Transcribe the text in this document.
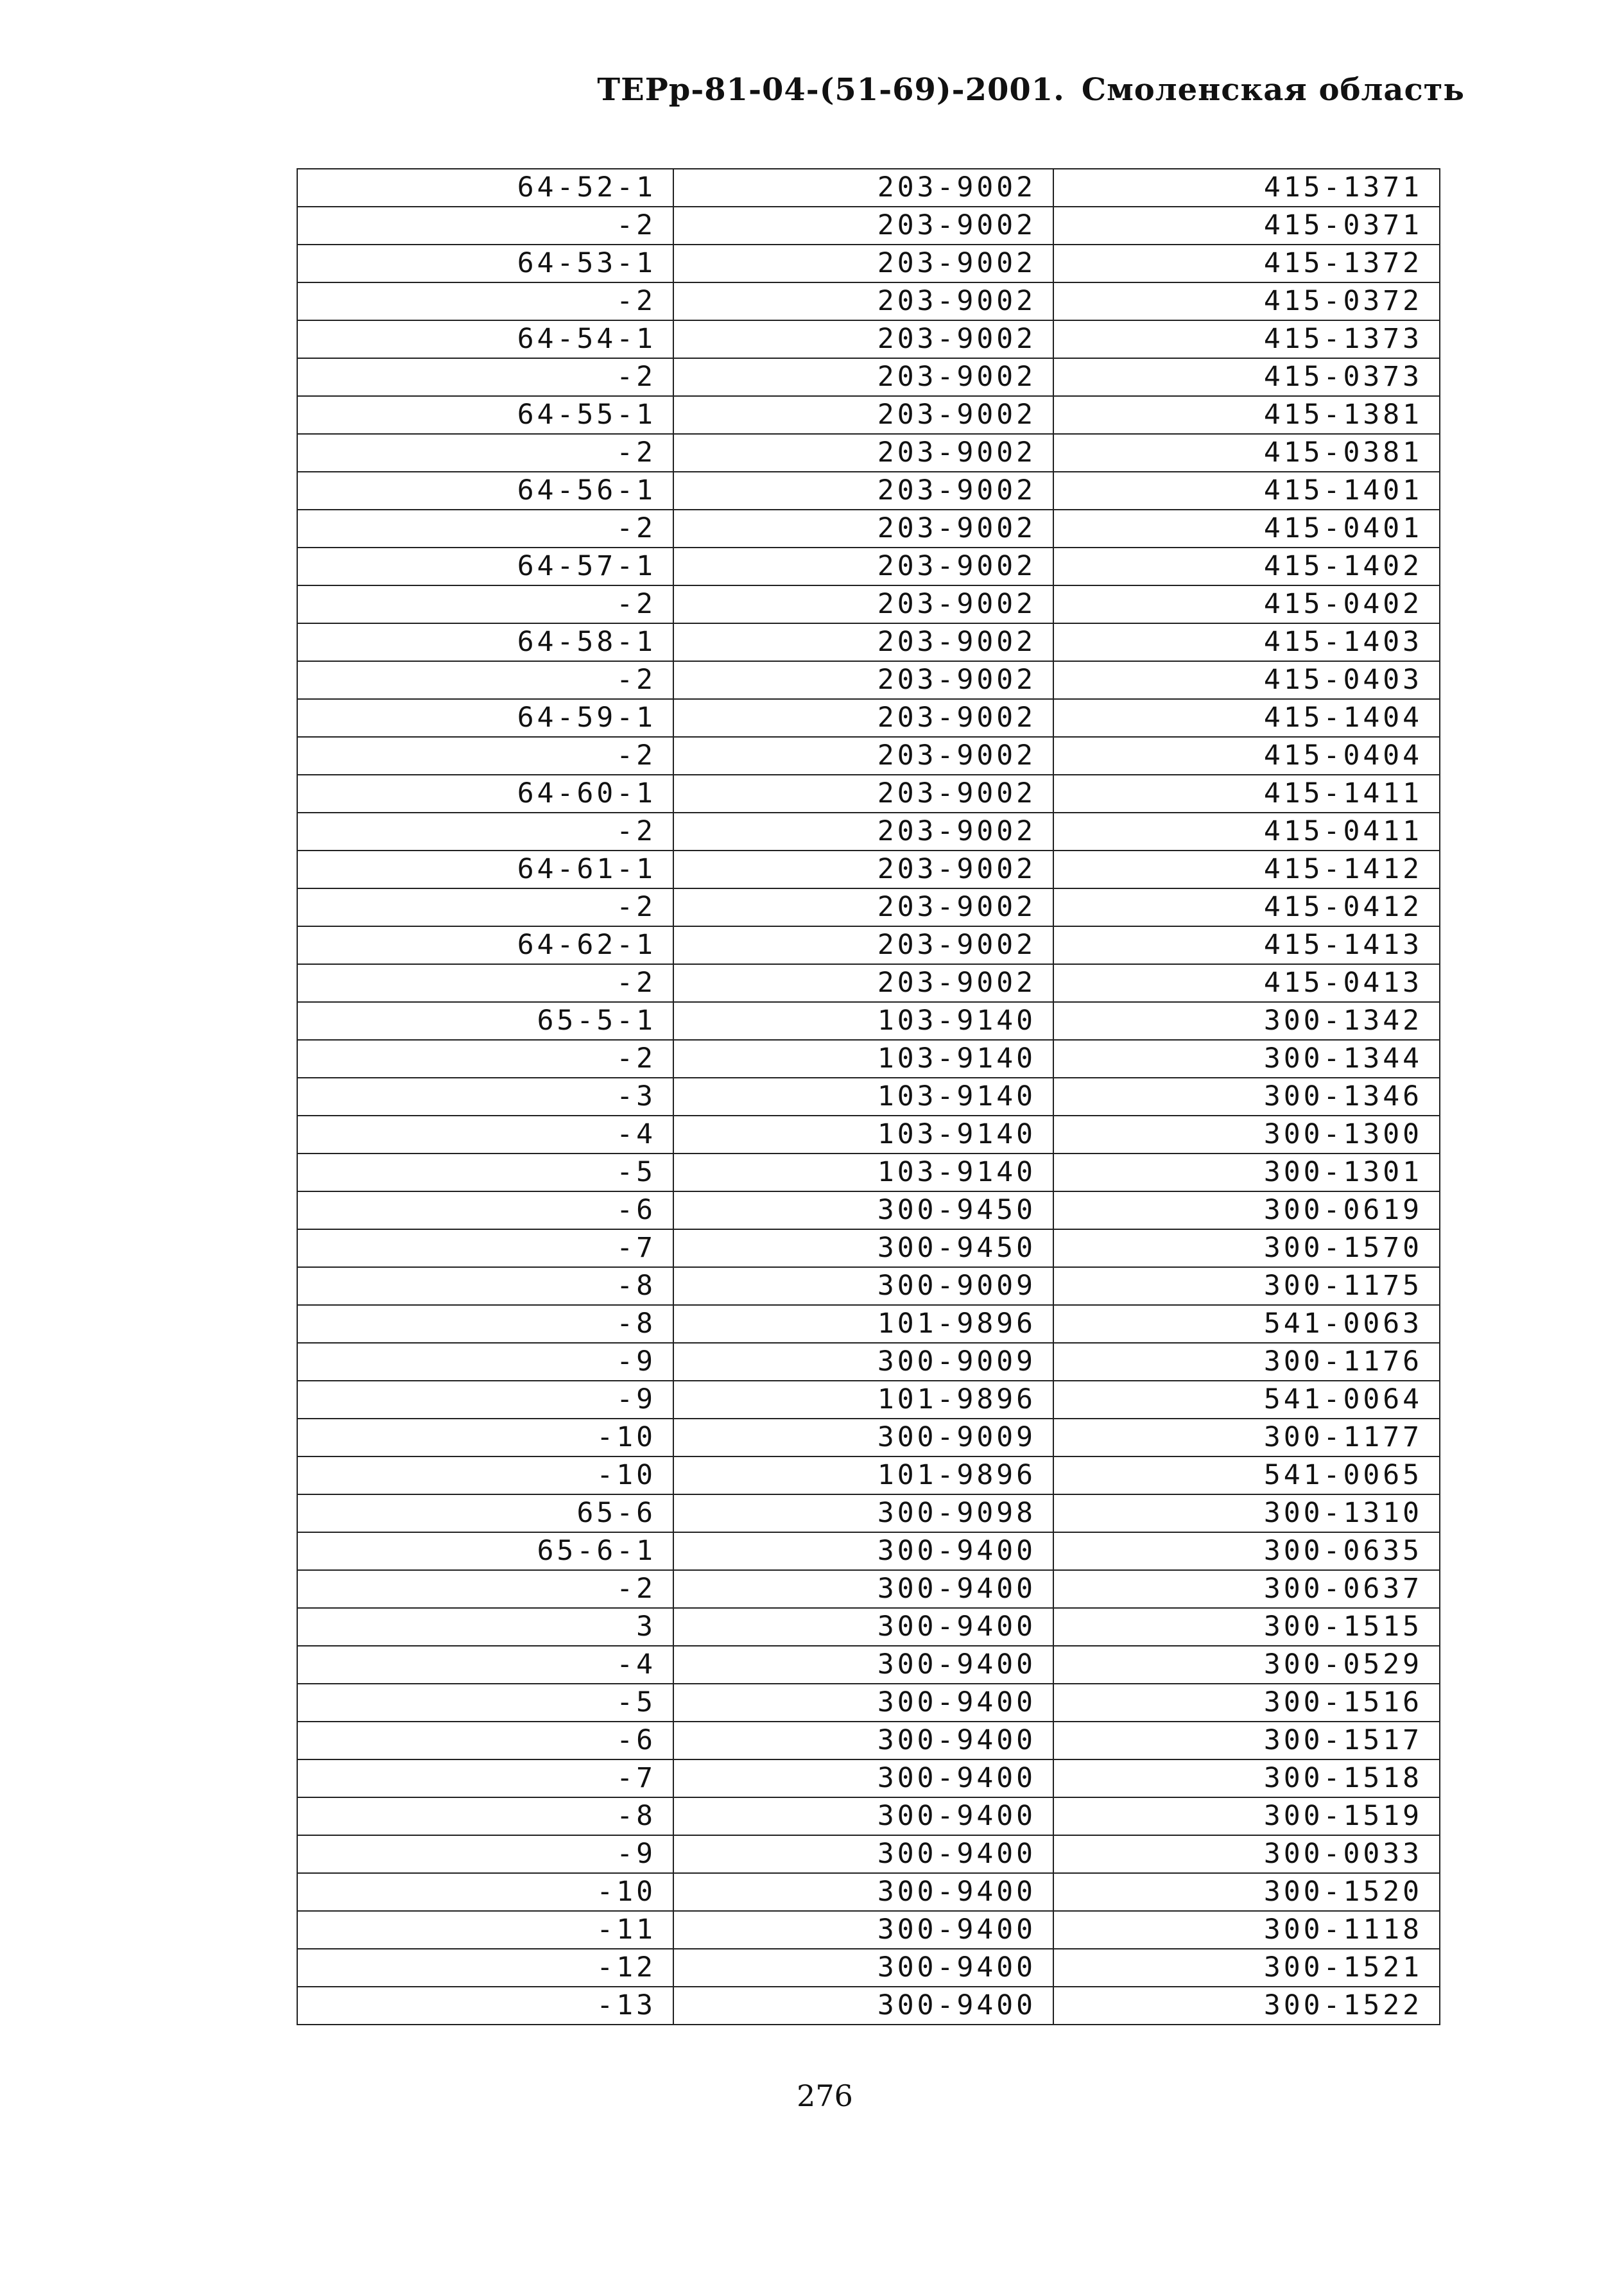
ТЕРр-81-04-(51-69)-2001. Смоленская область
64-52-1	203-9002	415-1371
-2	203-9002	415-0371
64-53-1	203-9002	415-1372
-2	203-9002	415-0372
64-54-1	203-9002	415-1373
-2	203-9002	415-0373
64-55-1	203-9002	415-1381
-2	203-9002	415-0381
64-56-1	203-9002	415-1401
-2	203-9002	415-0401
64-57-1	203-9002	415-1402
-2	203-9002	415-0402
64-58-1	203-9002	415-1403
-2	203-9002	415-0403
64-59-1	203-9002	415-1404
-2	203-9002	415-0404
64-60-1	203-9002	415-1411
-2	203-9002	415-0411
64-61-1	203-9002	415-1412
-2	203-9002	415-0412
64-62-1	203-9002	415-1413
-2	203-9002	415-0413
65-5-1	103-9140	300-1342
-2	103-9140	300-1344
-3	103-9140	300-1346
-4	103-9140	300-1300
-5	103-9140	300-1301
-6	300-9450	300-0619
-7	300-9450	300-1570
-8	300-9009	300-1175
-8	101-9896	541-0063
-9	300-9009	300-1176
-9	101-9896	541-0064
-10	300-9009	300-1177
-10	101-9896	541-0065
65-6	300-9098	300-1310
65-6-1	300-9400	300-0635
-2	300-9400	300-0637
3	300-9400	300-1515
-4	300-9400	300-0529
-5	300-9400	300-1516
-6	300-9400	300-1517
-7	300-9400	300-1518
-8	300-9400	300-1519
-9	300-9400	300-0033
-10	300-9400	300-1520
-11	300-9400	300-1118
-12	300-9400	300-1521
-13	300-9400	300-1522
276
